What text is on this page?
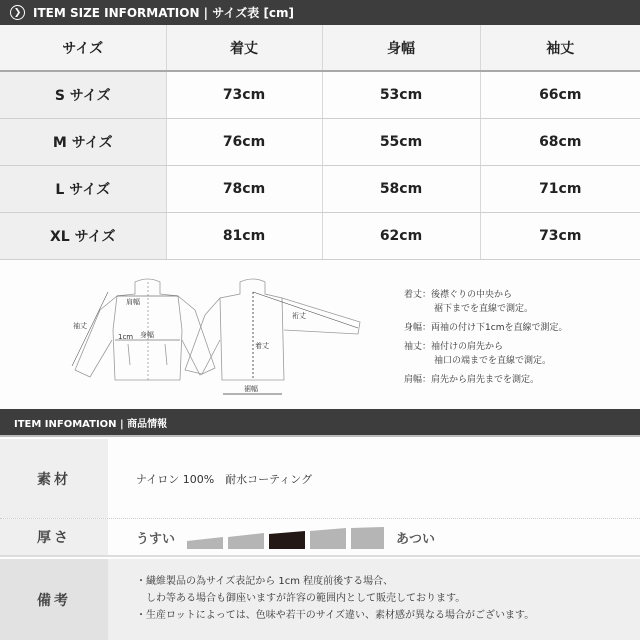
❯ ITEM SIZE INFORMATION | サイズ表 [cm]
サイズ	着丈	身幅	袖丈
S サイズ	73cm	53cm	66cm
M サイズ	76cm	55cm	68cm
L サイズ	78cm	58cm	71cm
XL サイズ	81cm	62cm	73cm
肩幅
袖丈
1cm 身幅
着丈
裄丈
裾幅
着丈：後襟ぐりの中央から
裾下までを直線で測定。
身幅：両袖の付け下1cmを直線で測定。
袖丈：袖付けの肩先から
袖口の端までを直線で測定。
肩幅：肩先から肩先までを測定。
ITEM INFOMATION | 商品情報
素材	ナイロン 100%　耐水コーティング
厚さ	うすい	あつい
備考
・繊維製品の為サイズ表記から 1cm 程度前後する場合、
　しわ等ある場合も御座いますが許容の範囲内として販売しております。
・生産ロットによっては、色味や若干のサイズ違い、素材感が異なる場合がございます。
